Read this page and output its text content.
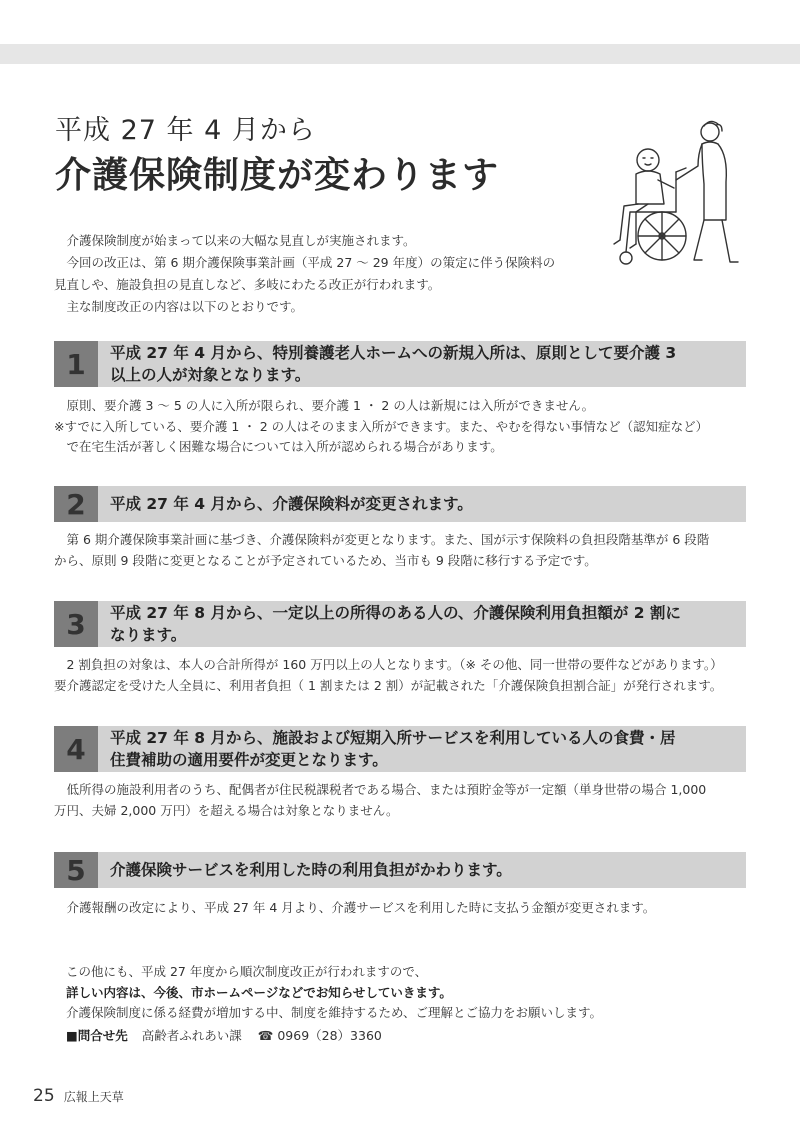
平成 27 年 4 月から
介護保険制度が変わります

　介護保険制度が始まって以来の大幅な見直しが実施されます。

　今回の改正は、第 6 期介護保険事業計画（平成 27 ～ 29 年度）の策定に伴う保険料の

見直しや、施設負担の見直しなど、多岐にわたる改正が行われます。

　主な制度改正の内容は以下のとおりです。

1	平成 27 年 4 月から、特別養護老人ホームへの新規入所は、原則として要介護 3
以上の人が対象となります。

　原則、要介護 3 ～ 5 の人に入所が限られ、要介護 1 ・ 2 の人は新規には入所ができません。

※すでに入所している、要介護 1 ・ 2 の人はそのまま入所ができます。また、やむを得ない事情など（認知症など）

　で在宅生活が著しく困難な場合については入所が認められる場合があります。

2	平成 27 年 4 月から、介護保険料が変更されます。

　第 6 期介護保険事業計画に基づき、介護保険料が変更となります。また、国が示す保険料の負担段階基準が 6 段階

から、原則 9 段階に変更となることが予定されているため、当市も 9 段階に移行する予定です。

3	平成 27 年 8 月から、一定以上の所得のある人の、介護保険利用負担額が 2 割に
なります。

　2 割負担の対象は、本人の合計所得が 160 万円以上の人となります。（※ その他、同一世帯の要件などがあります。）

要介護認定を受けた人全員に、利用者負担（ 1 割または 2 割）が記載された「介護保険負担割合証」が発行されます。

4	平成 27 年 8 月から、施設および短期入所サービスを利用している人の食費・居
住費補助の適用要件が変更となります。

　低所得の施設利用者のうち、配偶者が住民税課税者である場合、または預貯金等が一定額（単身世帯の場合 1,000

万円、夫婦 2,000 万円）を超える場合は対象となりません。

5	介護保険サービスを利用した時の利用負担がかわります。

　介護報酬の改定により、平成 27 年 4 月より、介護サービスを利用した時に支払う金額が変更されます。

この他にも、平成 27 年度から順次制度改正が行われますので、

詳しい内容は、今後、市ホームページなどでお知らせしていきます。

介護保険制度に係る経費が増加する中、制度を維持するため、ご理解とご協力をお願いします。

■問合せ先 高齢者ふれあい課 ☎ 0969（28）3360

25 広報上天草
